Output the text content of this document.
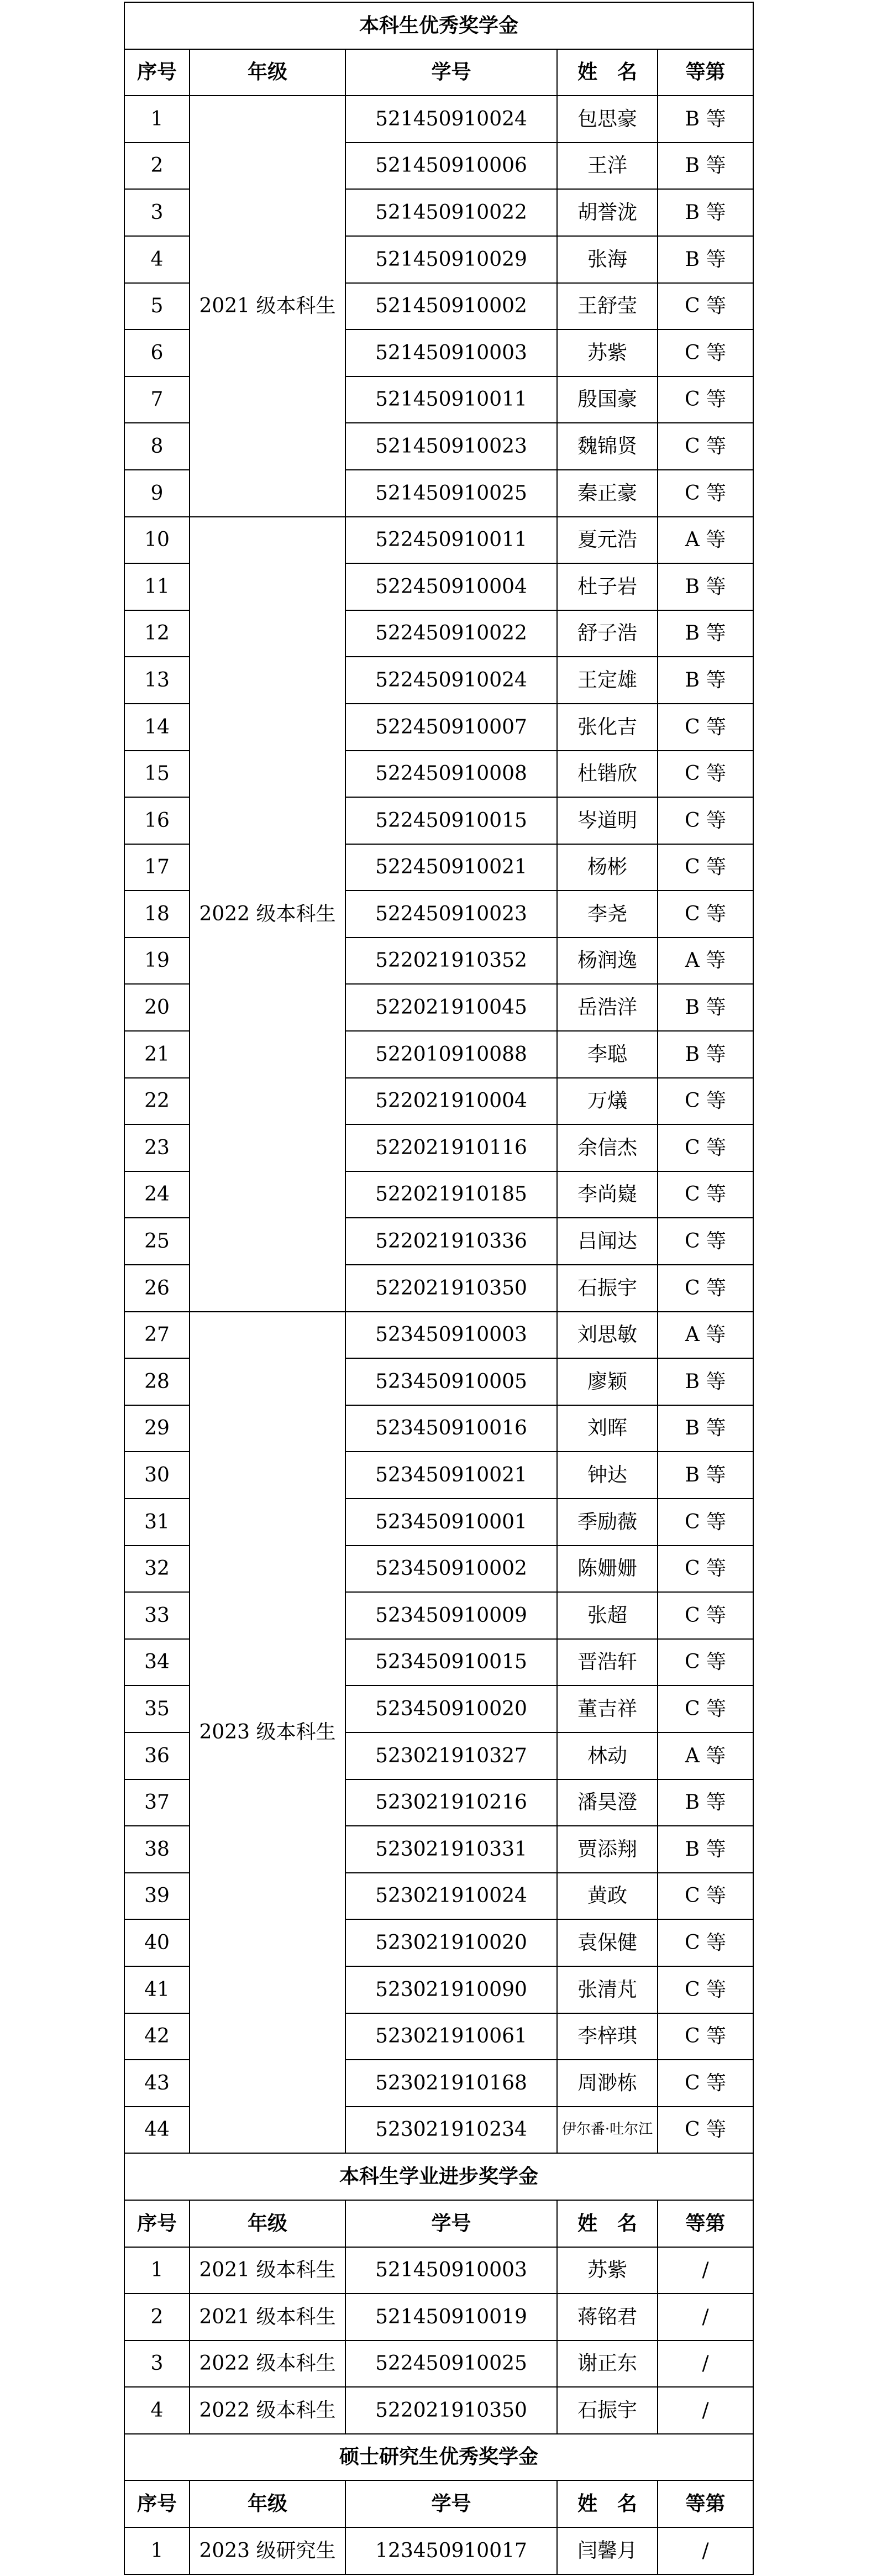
本科生优秀奖学金				
序号	年级	学号	姓　名	等第
1	2021 级本科生	521450910024	包思豪	B 等
2		521450910006	王洋	B 等
3		521450910022	胡誉泷	B 等
4		521450910029	张海	B 等
5		521450910002	王舒莹	C 等
6		521450910003	苏紫	C 等
7		521450910011	殷国豪	C 等
8		521450910023	魏锦贤	C 等
9		521450910025	秦正豪	C 等
10	2022 级本科生	522450910011	夏元浩	A 等
11		522450910004	杜子岩	B 等
12		522450910022	舒子浩	B 等
13		522450910024	王定雄	B 等
14		522450910007	张化吉	C 等
15		522450910008	杜锴欣	C 等
16		522450910015	岑道明	C 等
17		522450910021	杨彬	C 等
18		522450910023	李尧	C 等
19		522021910352	杨润逸	A 等
20		522021910045	岳浩洋	B 等
21		522010910088	李聪	B 等
22		522021910004	万燨	C 等
23		522021910116	余信杰	C 等
24		522021910185	李尚嶷	C 等
25		522021910336	吕闻达	C 等
26		522021910350	石振宇	C 等
27	2023 级本科生	523450910003	刘思敏	A 等
28		523450910005	廖颖	B 等
29		523450910016	刘晖	B 等
30		523450910021	钟达	B 等
31		523450910001	季励薇	C 等
32		523450910002	陈姗姗	C 等
33		523450910009	张超	C 等
34		523450910015	晋浩轩	C 等
35		523450910020	董吉祥	C 等
36		523021910327	林动	A 等
37		523021910216	潘昊澄	B 等
38		523021910331	贾添翔	B 等
39		523021910024	黄政	C 等
40		523021910020	袁保健	C 等
41		523021910090	张清芃	C 等
42		523021910061	李梓琪	C 等
43		523021910168	周渺栋	C 等
44		523021910234	伊尔番·吐尔江	C 等
本科生学业进步奖学金				
序号	年级	学号	姓　名	等第
1	2021 级本科生	521450910003	苏紫	/
2	2021 级本科生	521450910019	蒋铭君	/
3	2022 级本科生	522450910025	谢正东	/
4	2022 级本科生	522021910350	石振宇	/
硕士研究生优秀奖学金				
序号	年级	学号	姓　名	等第
1	2023 级研究生	123450910017	闫馨月	/
